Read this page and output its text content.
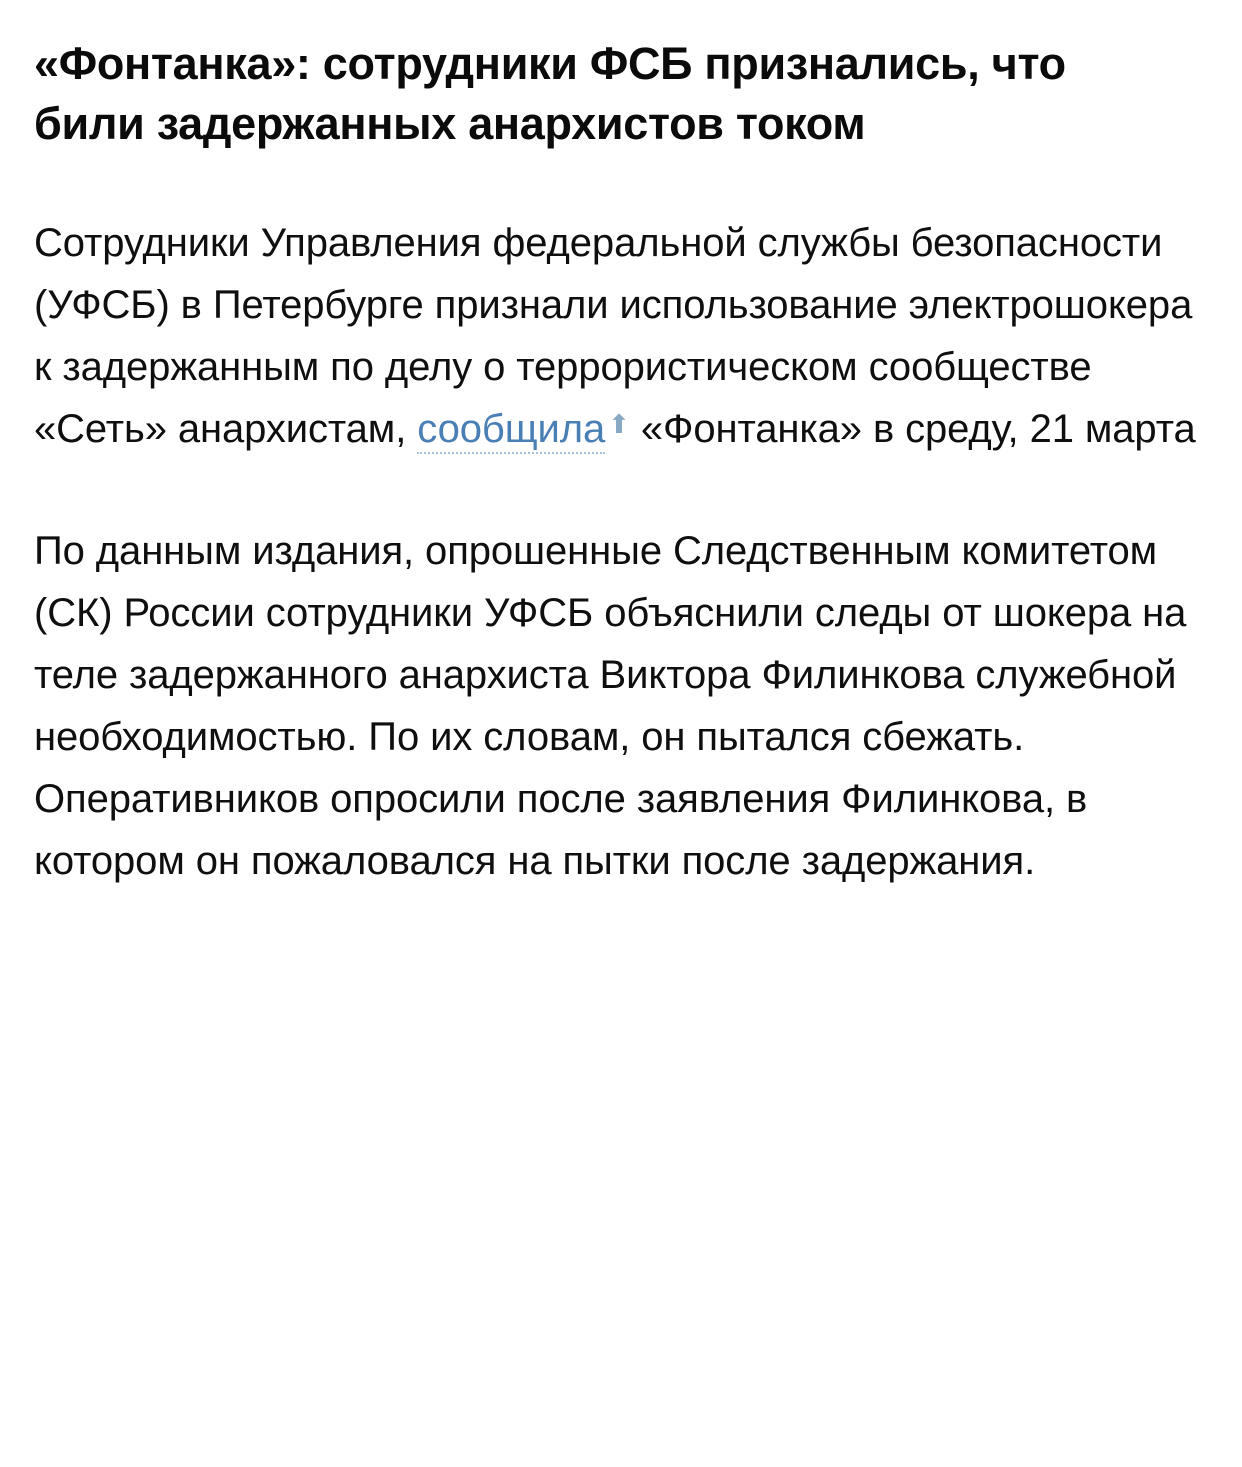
«Фонтанка»: сотрудники ФСБ признались, что били задержанных анархистов током

Сотрудники Управления федеральной службы безопасности (УФСБ) в Петербурге признали использование электрошокера к задержанным по делу о террористическом сообществе «Сеть» анархистам, сообщила ⬆ «Фонтанка» в среду, 21 марта

По данным издания, опрошенные Следственным комитетом (СК) России сотрудники УФСБ объяснили следы от шокера на теле задержанного анархиста Виктора Филинкова служебной необходимостью. По их словам, он пытался сбежать. Оперативников опросили после заявления Филинкова, в котором он пожаловался на пытки после задержания.
